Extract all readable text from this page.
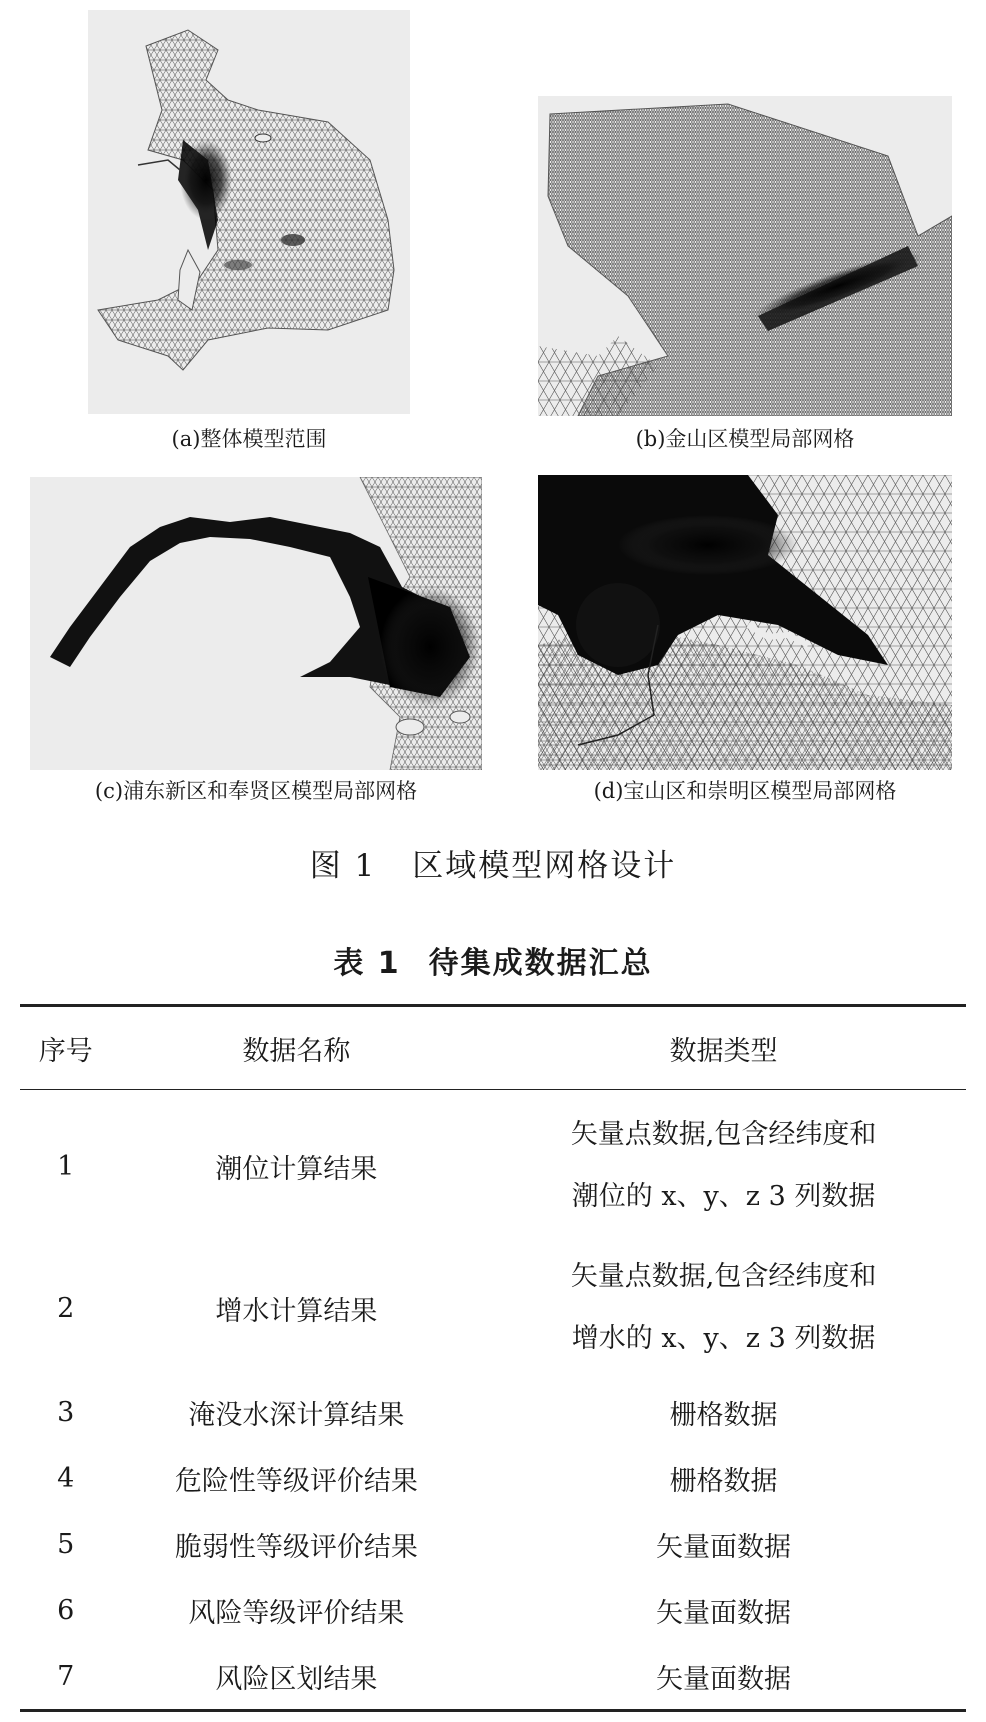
(a)整体模型范围	(b)金山区模型局部网格
(c)浦东新区和奉贤区模型局部网格	(d)宝山区和崇明区模型局部网格
图 1 区域模型网格设计
表 1 待集成数据汇总
序号	数据名称	数据类型
1	潮位计算结果	矢量点数据,包含经纬度和
潮位的 x、y、z 3 列数据

2	增水计算结果	矢量点数据,包含经纬度和
增水的 x、y、z 3 列数据

3	淹没水深计算结果	栅格数据
4	危险性等级评价结果	栅格数据
5	脆弱性等级评价结果	矢量面数据
6	风险等级评价结果	矢量面数据
7	风险区划结果	矢量面数据
